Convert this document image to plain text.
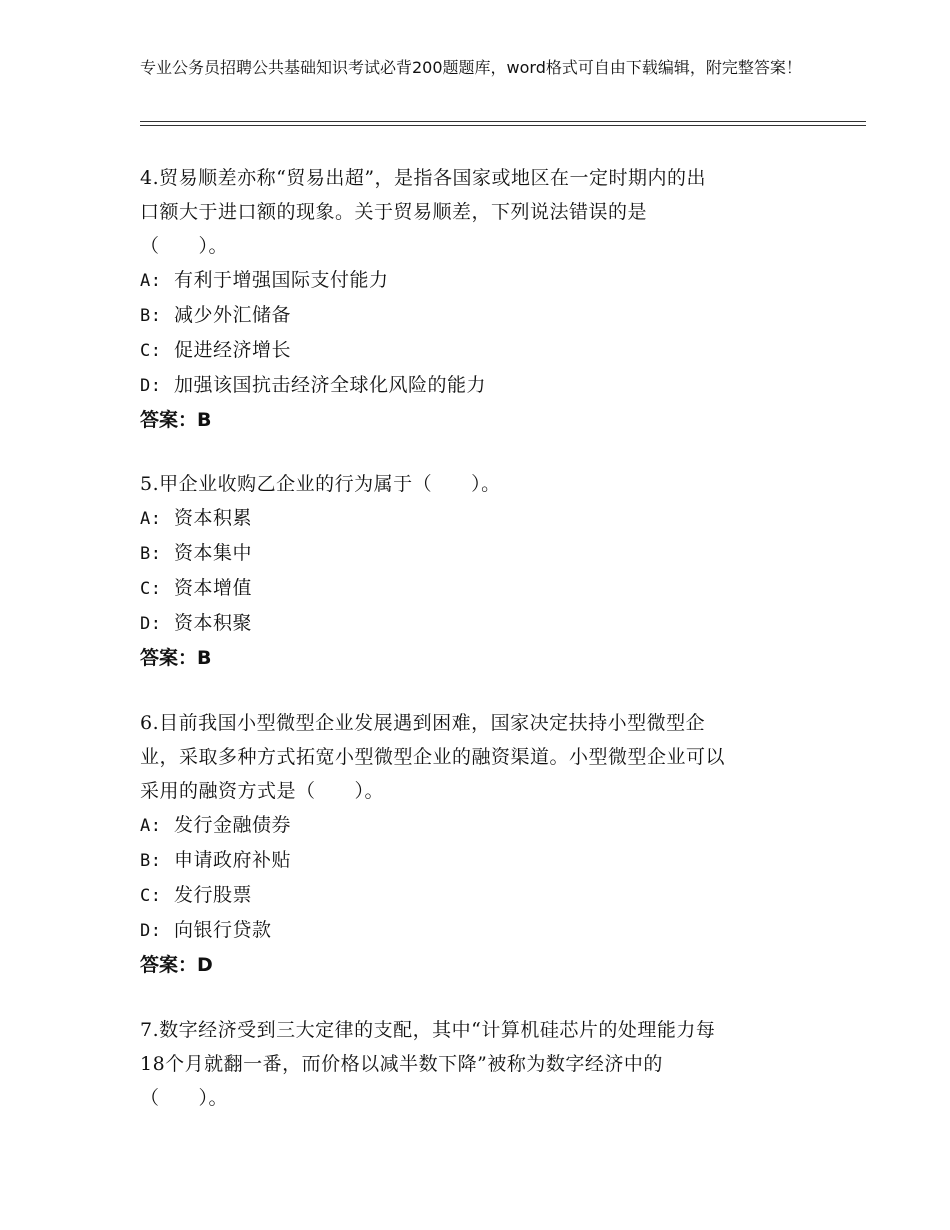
专业公务员招聘公共基础知识考试必背200题题库，word格式可自由下载编辑，附完整答案！

4.贸易顺差亦称“贸易出超”，是指各国家或地区在一定时期内的出
口额大于进口额的现象。关于贸易顺差，下列说法错误的是
（　　）。

A: 有利于增强国际支付能力
B: 减少外汇储备
C: 促进经济增长
D: 加强该国抗击经济全球化风险的能力

答案：B

5.甲企业收购乙企业的行为属于（　　）。

A: 资本积累
B: 资本集中
C: 资本增值
D: 资本积聚

答案：B

6.目前我国小型微型企业发展遇到困难，国家决定扶持小型微型企
业，采取多种方式拓宽小型微型企业的融资渠道。小型微型企业可以
采用的融资方式是（　　）。

A: 发行金融债券
B: 申请政府补贴
C: 发行股票
D: 向银行贷款

答案：D

7.数字经济受到三大定律的支配，其中“计算机硅芯片的处理能力每
18个月就翻一番，而价格以减半数下降”被称为数字经济中的
（　　）。
